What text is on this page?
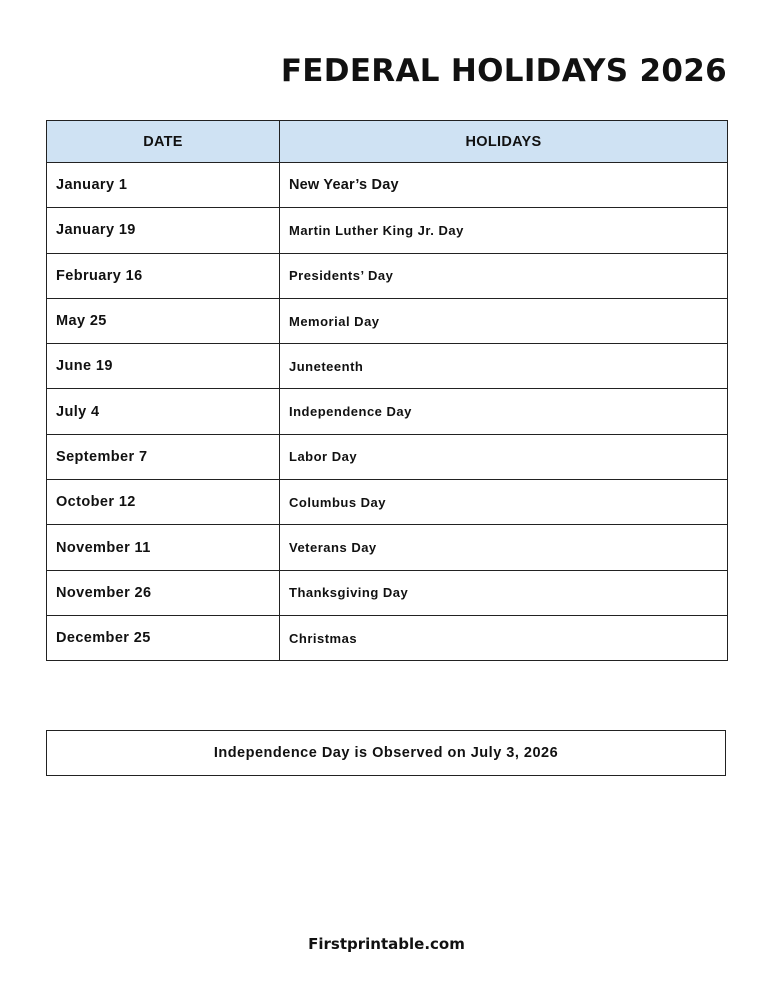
FEDERAL HOLIDAYS 2026
DATE	HOLIDAYS
January 1	New Year’s Day
January 19	Martin Luther King Jr. Day
February 16	Presidents’ Day
May 25	Memorial Day
June 19	Juneteenth
July 4	Independence Day
September 7	Labor Day
October 12	Columbus Day
November 11	Veterans Day
November 26	Thanksgiving Day
December 25	Christmas
Independence Day is Observed on July 3, 2026
Firstprintable.com
